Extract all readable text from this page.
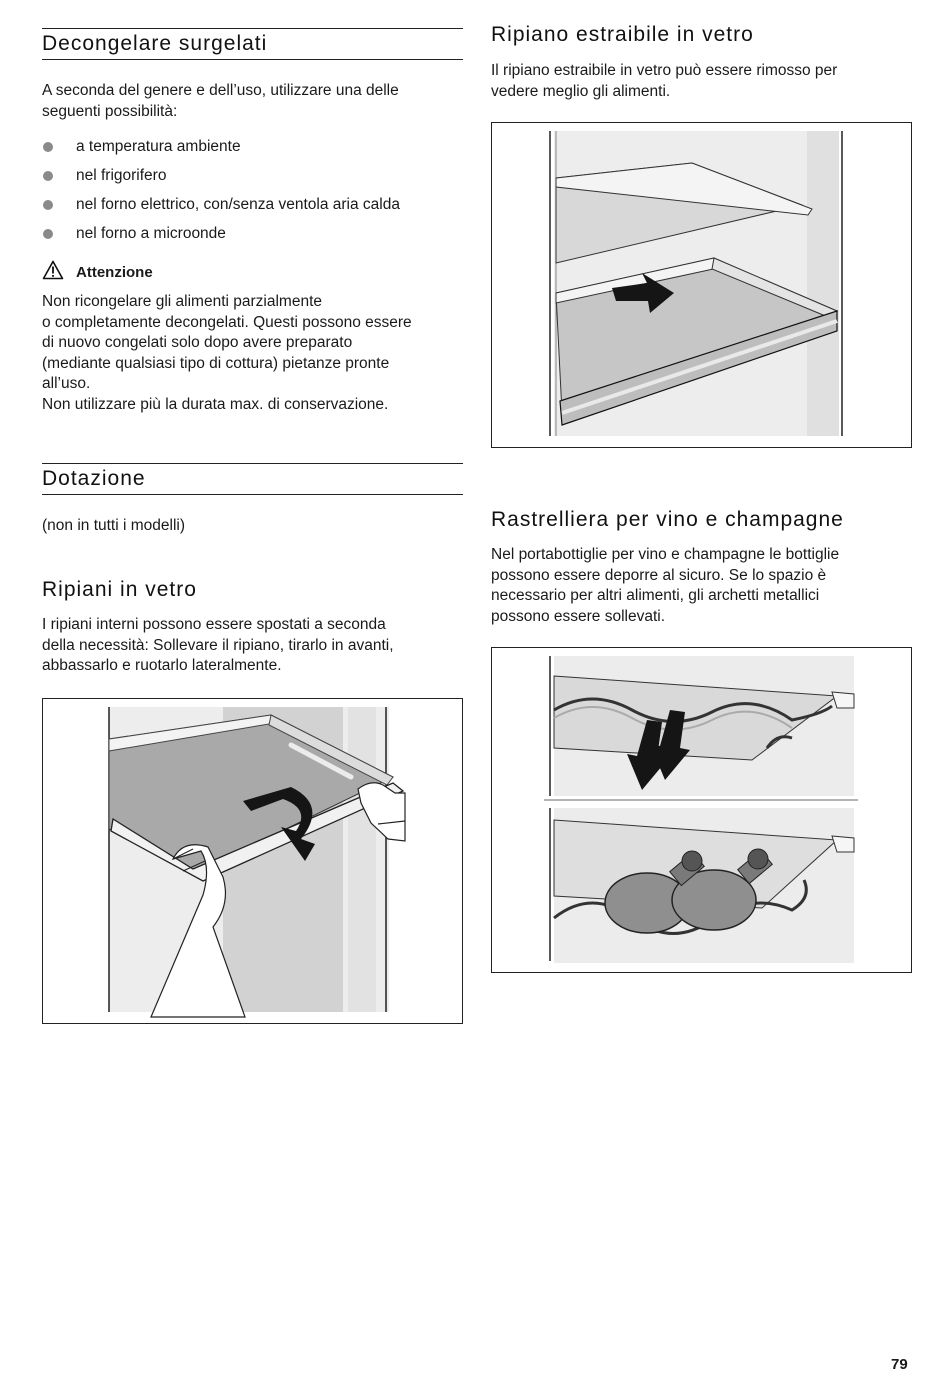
Decongelare surgelati
A seconda del genere e dell’uso, utilizzare una delle
seguenti possibilità:
a temperatura ambiente
nel frigorifero
nel forno elettrico, con/senza ventola aria calda
nel forno a microonde
Attenzione
Non ricongelare gli alimenti parzialmente
o completamente decongelati. Questi possono essere
di nuovo congelati solo dopo avere preparato
(mediante qualsiasi tipo di cottura) pietanze pronte
all’uso.
Non utilizzare più la durata max. di conservazione.
Dotazione
(non in tutti i modelli)
Ripiani in vetro
I ripiani interni possono essere spostati a seconda
della necessità: Sollevare il ripiano, tirarlo in avanti,
abbassarlo e ruotarlo lateralmente.
Ripiano estraibile in vetro
Il ripiano estraibile in vetro può essere rimosso per
vedere meglio gli alimenti.
Rastrelliera per vino e champagne
Nel portabottiglie per vino e champagne le bottiglie
possono essere deporre al sicuro. Se lo spazio è
necessario per altri alimenti, gli archetti metallici
possono essere sollevati.
79
